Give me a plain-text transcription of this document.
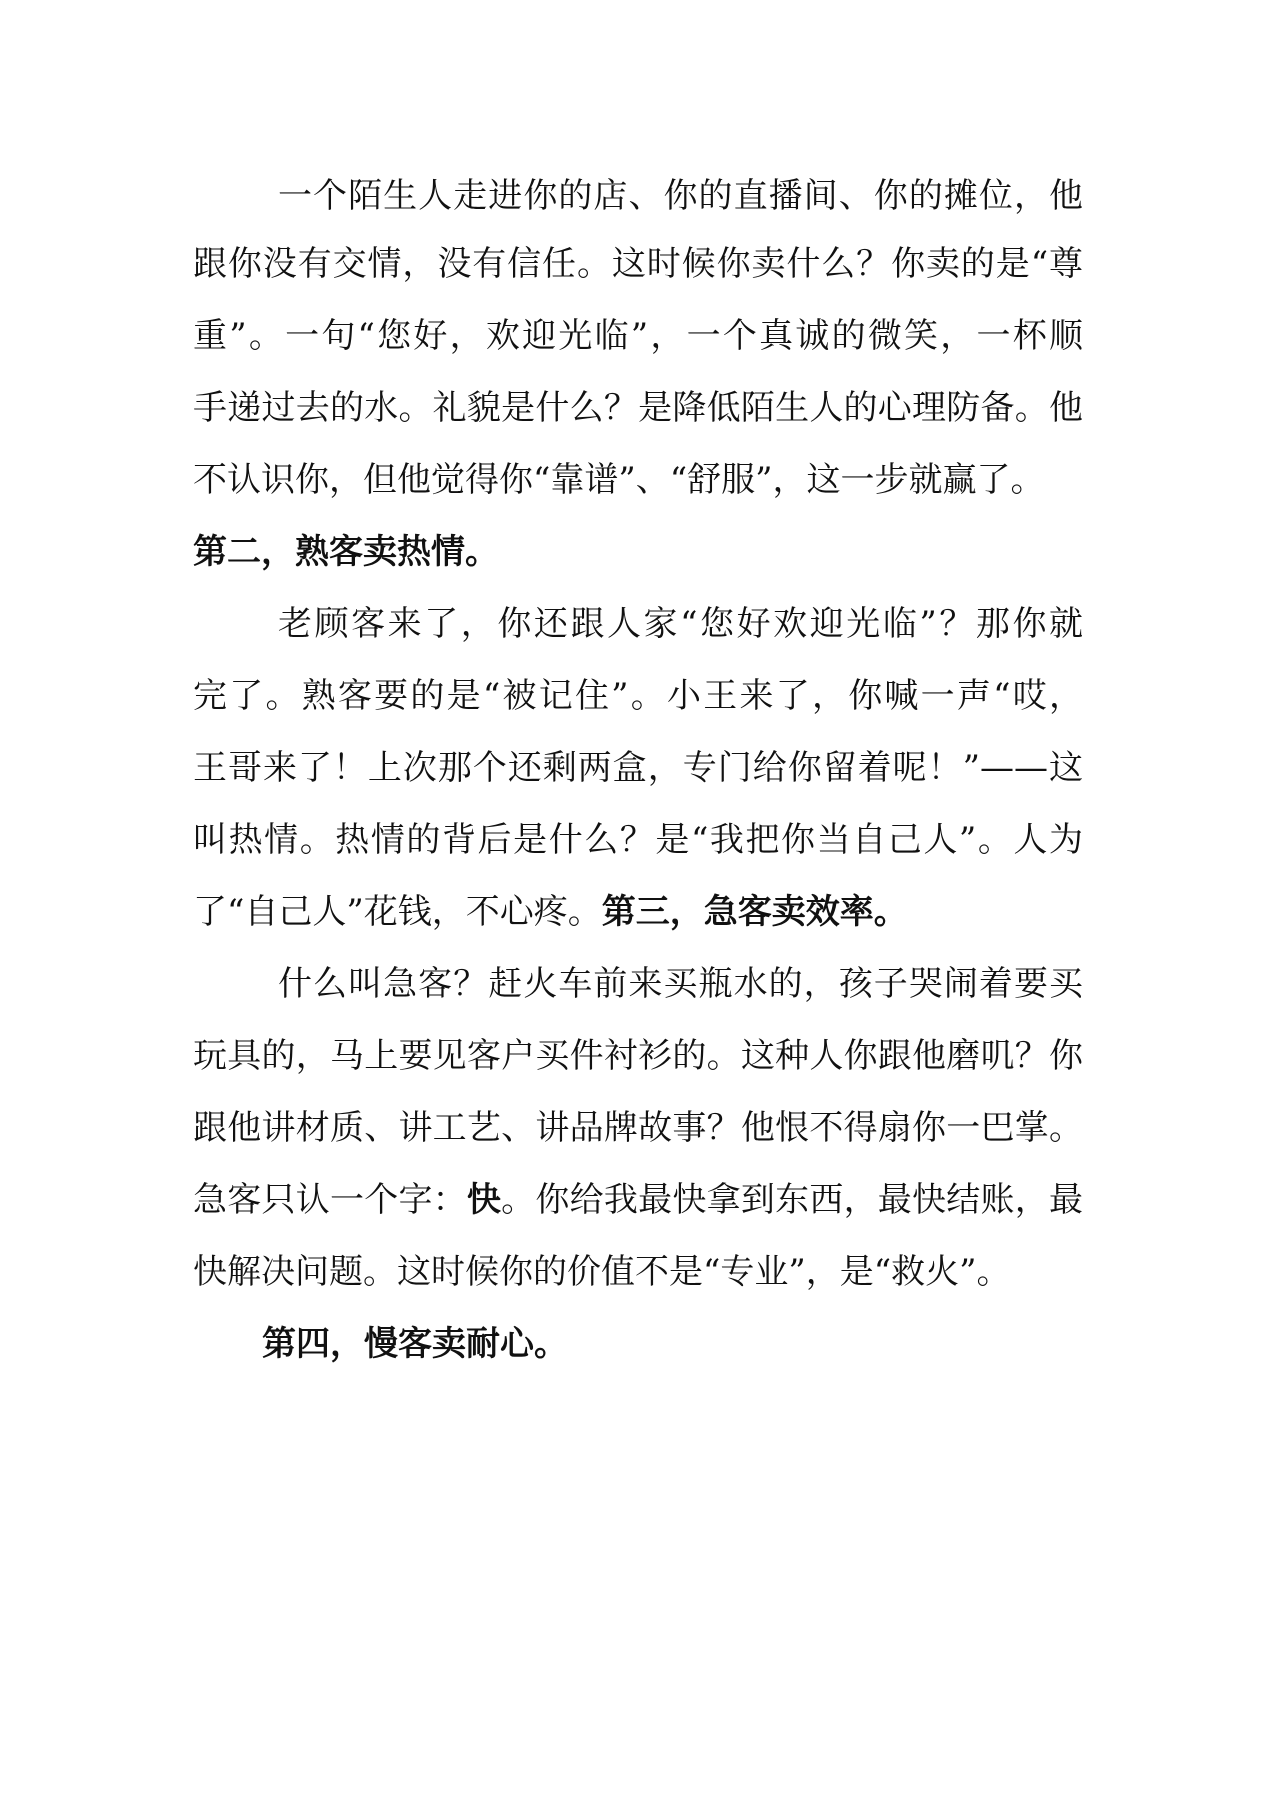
一个陌生人走进你的店、你的直播间、你的摊位，他
跟你没有交情，没有信任。这时候你卖什么？你卖的是“尊
重”。一句“您好，欢迎光临”，一个真诚的微笑，一杯顺
手递过去的水。礼貌是什么？是降低陌生人的心理防备。他
不认识你，但他觉得你“靠谱”、“舒服”，这一步就赢了。
第二，熟客卖热情。
老顾客来了，你还跟人家“您好欢迎光临”？那你就
完了。熟客要的是“被记住”。小王来了，你喊一声“哎，
王哥来了！上次那个还剩两盒，专门给你留着呢！”——这
叫热情。热情的背后是什么？是“我把你当自己人”。人为
了“自己人”花钱，不心疼。第三，急客卖效率。
什么叫急客？赶火车前来买瓶水的，孩子哭闹着要买
玩具的，马上要见客户买件衬衫的。这种人你跟他磨叽？你
跟他讲材质、讲工艺、讲品牌故事？他恨不得扇你一巴掌。
急客只认一个字：快。你给我最快拿到东西，最快结账，最
快解决问题。这时候你的价值不是“专业”，是“救火”。
第四，慢客卖耐心。
